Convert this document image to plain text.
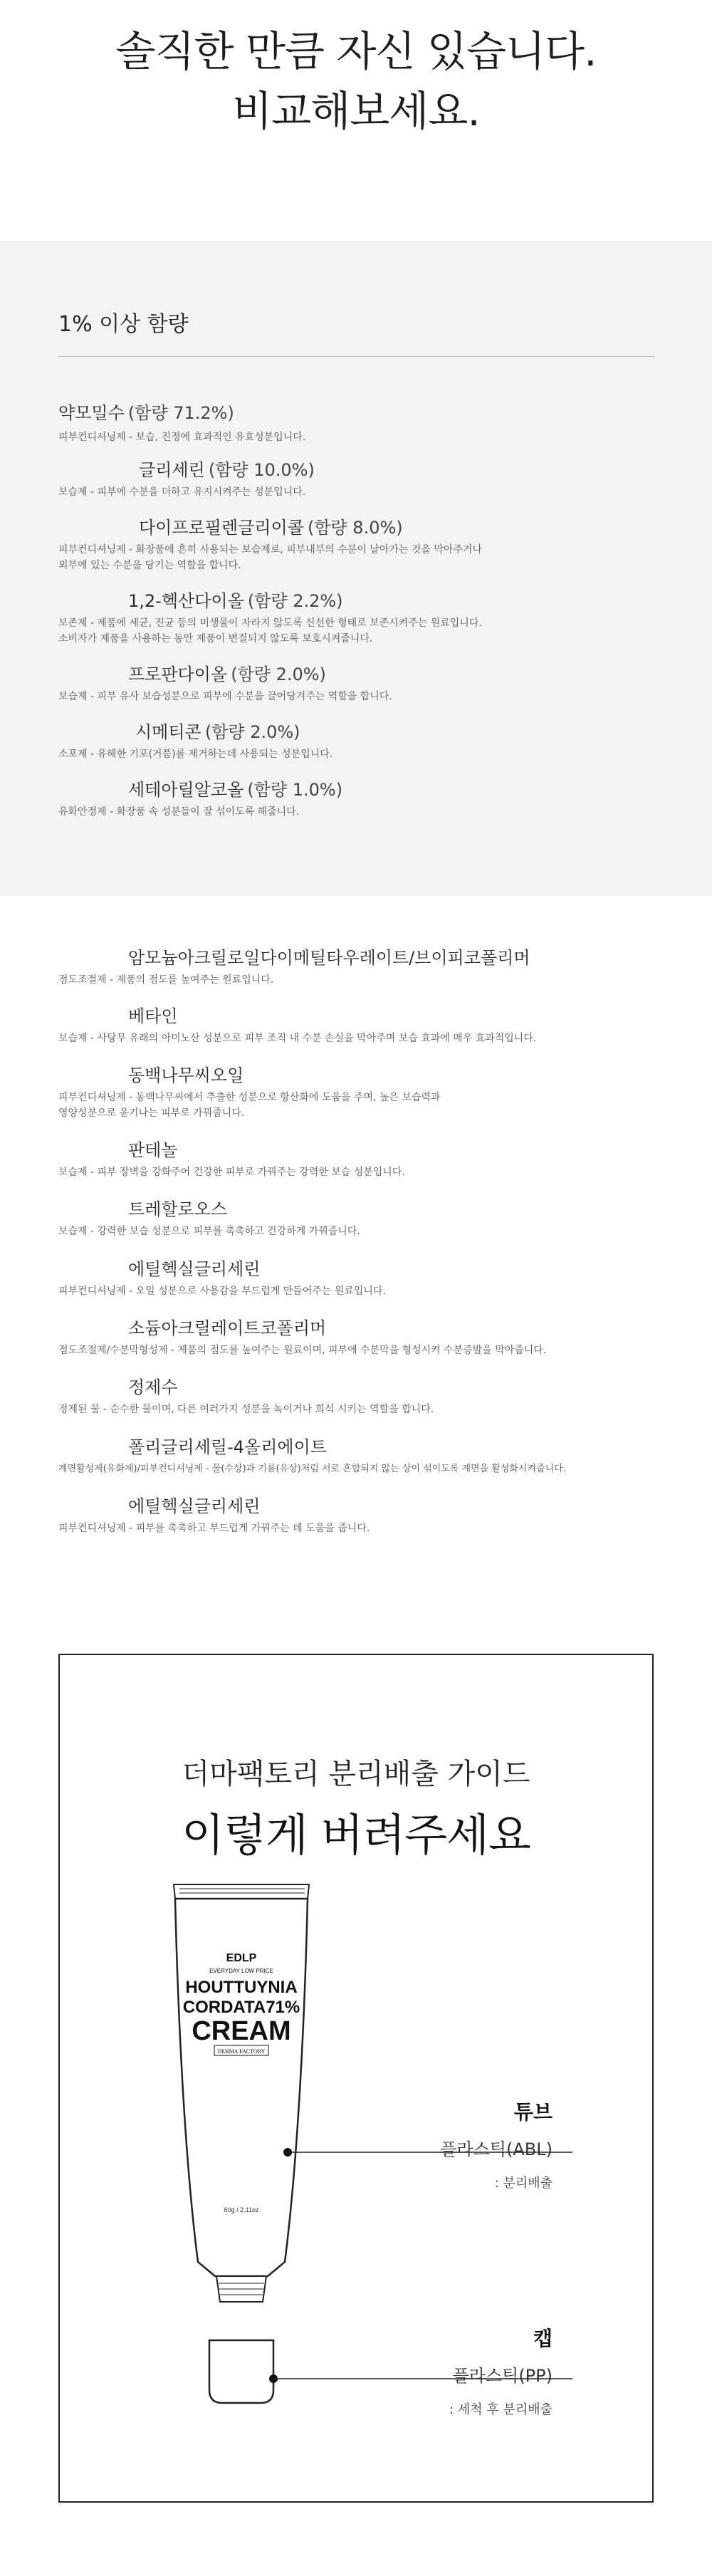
솔직한 만큼 자신 있습니다.
비교해보세요.
1% 이상 함량
약모밀수 (함량 71.2%)
피부컨디셔닝제 - 보습, 진정에 효과적인 유효성분입니다.
글리세린 (함량 10.0%)
보습제 - 피부에 수분을 더하고 유지시켜주는 성분입니다.
다이프로필렌글리이콜 (함량 8.0%)
피부컨디셔닝제 - 화장품에 흔히 사용되는 보습제로, 피부내부의 수분이 날아가는 것을 막아주거나
외부에 있는 수분을 당기는 역할을 합니다.
1,2-헥산다이올 (함량 2.2%)
보존제 - 제품에 세균, 진균 등의 미생물이 자라지 않도록 신선한 형태로 보존시켜주는 원료입니다.
소비자가 제품을 사용하는 동안 제품이 변질되지 않도록 보호시켜줍니다.
프로판다이올 (함량 2.0%)
보습제 - 피부 유사 보습성분으로 피부에 수분을 끌어당겨주는 역할을 합니다.
시메티콘 (함량 2.0%)
소포제 - 유해한 기포(거품)를 제거하는데 사용되는 성분입니다.
세테아릴알코올 (함량 1.0%)
유화안정제 - 화장품 속 성분들이 잘 섞이도록 해줍니다.
암모늄아크릴로일다이메틸타우레이트/브이피코폴리머
점도조절제 - 제품의 점도를 높여주는 원료입니다.
베타인
보습제 - 사탕무 유래의 아미노산 성분으로 피부 조직 내 수분 손실을 막아주며 보습 효과에 매우 효과적입니다.
동백나무씨오일
피부컨디셔닝제 - 동백나무씨에서 추출한 성분으로 항산화에 도움을 주며, 높은 보습력과
영양성분으로 윤기나는 피부로 가꿔줍니다.
판테놀
보습제 - 피부 장벽을 강화주어 건강한 피부로 가꿔주는 강력한 보습 성분입니다.
트레할로오스
보습제 - 강력한 보습 성분으로 피부를 촉촉하고 건강하게 가꿔줍니다.
에틸헥실글리세린
피부컨디셔닝제 - 오일 성분으로 사용감을 부드럽게 만들어주는 원료입니다.
소듐아크릴레이트코폴리머
점도조절제/수분막형성제 - 제품의 점도를 높여주는 원료이며, 피부에 수분막을 형성시켜 수분증발을 막아줍니다.
정제수
정제된 물 - 순수한 물이며, 다른 여러가지 성분을 녹이거나 희석 시키는 역할을 합니다.
폴리글리세릴-4올리에이트
계면활성제(유화제)/피부컨디셔닝제 - 물(수상)과 기름(유상)처럼 서로 혼합되지 않는 상이 섞이도록 계면을 활성화시켜줍니다.
에틸헥실글리세린
피부컨디셔닝제 - 피부를 촉촉하고 부드럽게 가꿔주는 데 도움을 줍니다.
더마팩토리 분리배출 가이드
이렇게 버려주세요
EDLP
EVERYDAY LOW PRICE
HOUTTUYNIA
CORDATA71%
CREAM
DERMA FACTORY
60g / 2.11oz
튜브
플라스틱(ABL)
: 분리배출
캡
플라스틱(PP)
: 세척 후 분리배출
